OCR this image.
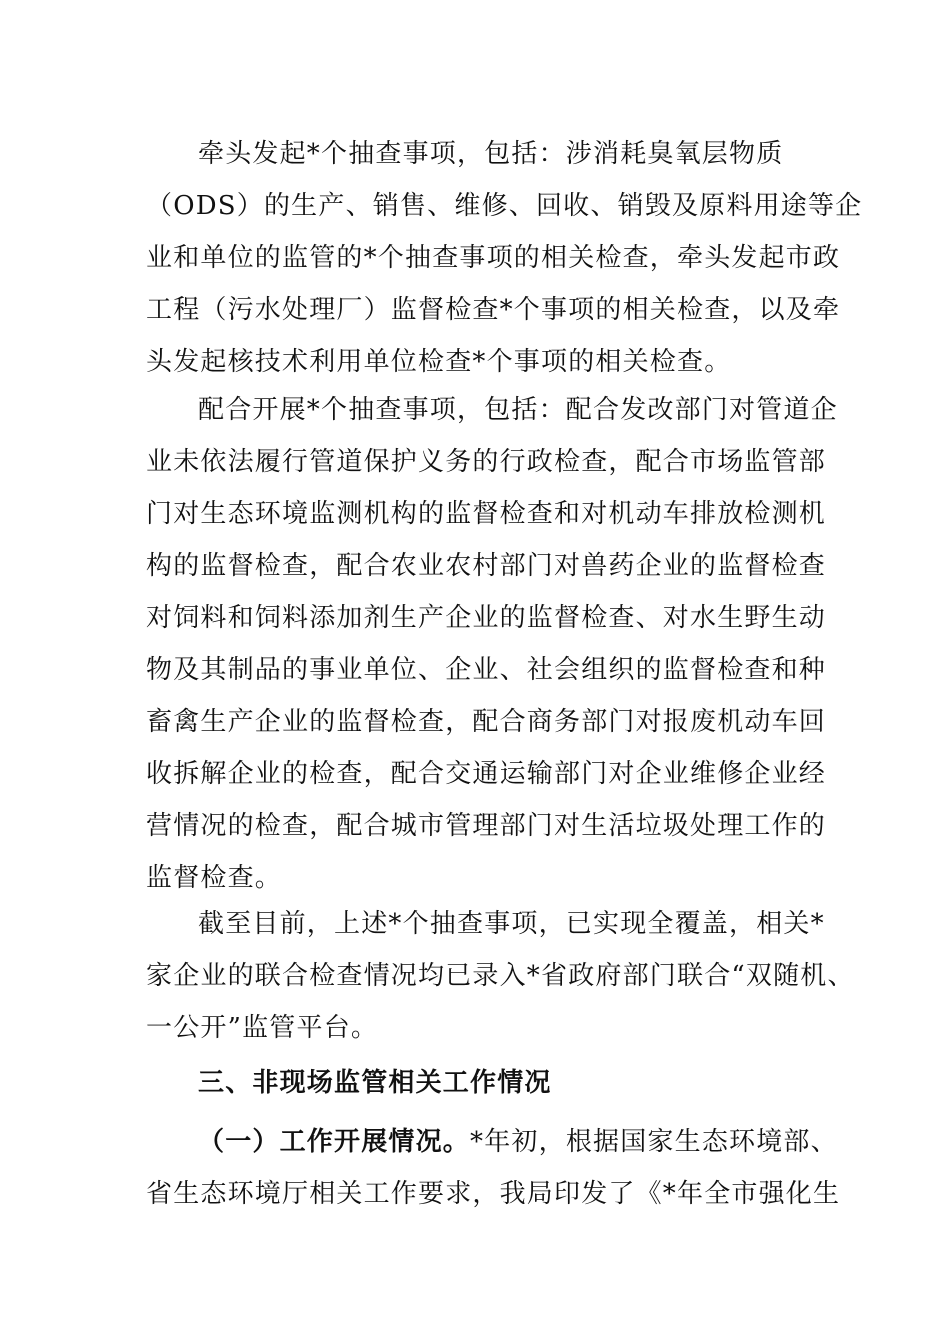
牵头发起*个抽查事项，包括：涉消耗臭氧层物质
（ODS）的生产、销售、维修、回收、销毁及原料用途等企
业和单位的监管的*个抽查事项的相关检查，牵头发起市政
工程（污水处理厂）监督检查*个事项的相关检查，以及牵
头发起核技术利用单位检查*个事项的相关检查。
配合开展*个抽查事项，包括：配合发改部门对管道企
业未依法履行管道保护义务的行政检查，配合市场监管部
门对生态环境监测机构的监督检查和对机动车排放检测机
构的监督检查，配合农业农村部门对兽药企业的监督检查
对饲料和饲料添加剂生产企业的监督检查、对水生野生动
物及其制品的事业单位、企业、社会组织的监督检查和种
畜禽生产企业的监督检查，配合商务部门对报废机动车回
收拆解企业的检查，配合交通运输部门对企业维修企业经
营情况的检查，配合城市管理部门对生活垃圾处理工作的
监督检查。
截至目前，上述*个抽查事项，已实现全覆盖，相关*
家企业的联合检查情况均已录入*省政府部门联合“双随机、
一公开”监管平台。
三、非现场监管相关工作情况
（一）工作开展情况。*年初，根据国家生态环境部、
省生态环境厅相关工作要求，我局印发了《*年全市强化生
